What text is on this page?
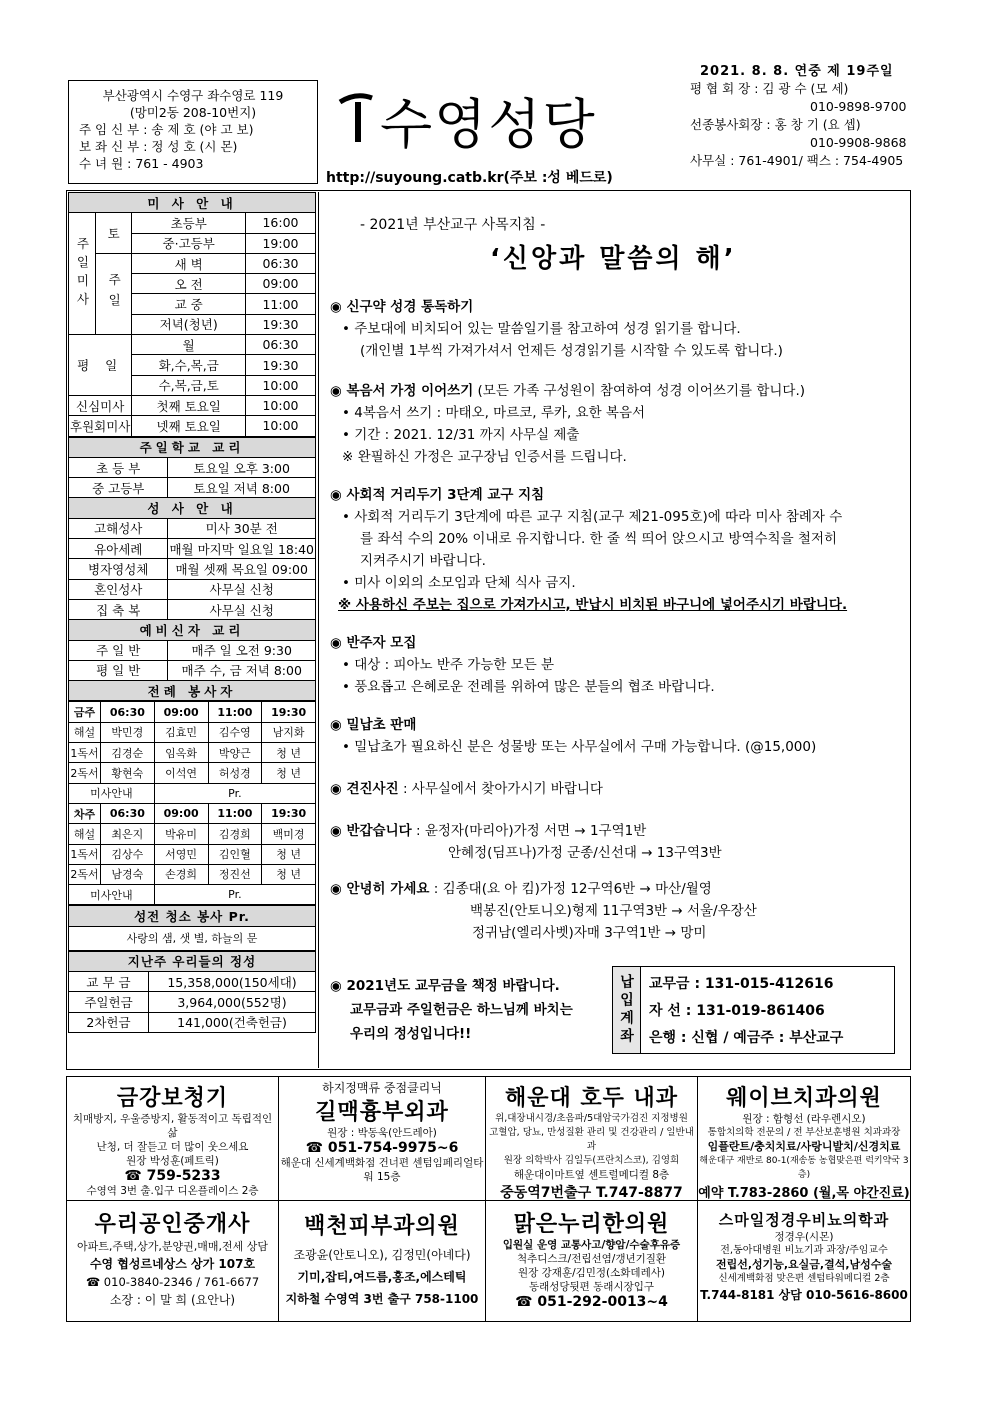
2021. 8. 8. 연중 제 19주일
부산광역시 수영구 좌수영로 119
(망미2동 208-10번지)
주 임 신 부 : 송 제 호 (야 고 보)
보 좌 신 부 : 정 성 호 (시 몬)
수 녀 원 : 761 - 4903
수영성당
http://suyoung.catb.kr(주보 :성 베드로)
평 협 회 장 : 김 광 수 (모 세)
010-9898-9700
선종봉사회장 : 홍 창 기 (요 셉)
010-9908-9868
사무실 : 761-4901/ 팩스 : 754-4905
미 사 안 내			
주일미사	토	초등부	16:00
		중·고등부	19:00
	주일	새 벽	06:30
		오 전	09:00
		교 중	11:00
		저녁(청년)	19:30
평 일		월	06:30
		화,수,목,금	19:30
		수,목,금,토	10:00
신심미사		첫째 토요일	10:00
후원회미사		넷째 토요일	10:00
주일학교 교리	
초 등 부	토요일 오후 3:00
중 고등부	토요일 저녁 8:00
성 사 안 내	
고해성사	미사 30분 전
유아세례	매월 마지막 일요일 18:40
병자영성체	매월 셋째 목요일 09:00
혼인성사	사무실 신청
집 축 복	사무실 신청
예비신자 교리	
주 일 반	매주 일 오전 9:30
평 일 반	매주 수, 금 저녁 8:00
전례 봉사자	
금주	06:30	09:00	11:00	19:30
해설	박민경	김효민	김수영	남지화
1독서	김경순	임옥화	박양근	청 년
2독서	황현숙	이석연	허성경	청 년
미사안내		Pr.		
차주	06:30	09:00	11:00	19:30
해설	최은지	박유미	김경희	백미경
1독서	김상수	서영민	김인혈	청 년
2독서	남경숙	손경희	정진선	청 년
미사안내		Pr.		
성전 청소 봉사 Pr.
사랑의 샘, 샛 별, 하늘의 문
지난주 우리들의 정성	
교 무 금	15,358,000(150세대)
주일헌금	3,964,000(552명)
2차헌금	141,000(건축헌금)
- 2021년 부산교구 사목지침 -
‘신앙과 말씀의 해’
◉ 신구약 성경 통독하기
• 주보대에 비치되어 있는 말씀일기를 참고하여 성경 읽기를 합니다.
(개인별 1부씩 가져가셔서 언제든 성경읽기를 시작할 수 있도록 합니다.)
◉ 복음서 가정 이어쓰기 (모든 가족 구성원이 참여하여 성경 이어쓰기를 합니다.)
• 4복음서 쓰기 : 마태오, 마르코, 루카, 요한 복음서
• 기간 : 2021. 12/31 까지 사무실 제출
※ 완필하신 가정은 교구장님 인증서를 드립니다.
◉ 사회적 거리두기 3단계 교구 지침
• 사회적 거리두기 3단계에 따른 교구 지침(교구 제21-095호)에 따라 미사 참례자 수
를 좌석 수의 20% 이내로 유지합니다. 한 줄 씩 띄어 앉으시고 방역수칙을 철저히
지켜주시기 바랍니다.
• 미사 이외의 소모임과 단체 식사 금지.
※ 사용하신 주보는 집으로 가져가시고, 반납시 비치된 바구니에 넣어주시기 바랍니다.
◉ 반주자 모집
• 대상 : 피아노 반주 가능한 모든 분
• 풍요롭고 은혜로운 전례를 위하여 많은 분들의 협조 바랍니다.
◉ 밀납초 판매
• 밀납초가 필요하신 분은 성물방 또는 사무실에서 구매 가능합니다. (@15,000)
◉ 견진사진 : 사무실에서 찾아가시기 바랍니다
◉ 반갑습니다 : 윤정자(마리아)가정 서면 → 1구역1반
안혜정(딤프나)가정 군종/신선대 → 13구역3반
◉ 안녕히 가세요 : 김종대(요 아 킴)가정 12구역6반 → 마산/월영
백봉진(안토니오)형제 11구역3반 → 서울/우장산
정귀남(엘리사벳)자매 3구역1반 → 망미
◉ 2021년도 교무금을 책정 바랍니다.
교무금과 주일헌금은 하느님께 바치는
우리의 정성입니다!!	납입계좌	교무금 : 131-015-412616
자 선 : 131-019-861406
은행 : 신협 / 예금주 : 부산교구
금강보청기
치매방지, 우울증방지, 활동적이고 독립적인 삶
난청, 더 잘듣고 더 많이 웃으세요
원장 박성훈(페트릭)
☎ 759-5233
수영역 3번 출.입구 디온플레이스 2층
하지정맥류 중점클리닉
길맥흉부외과
원장 : 박동욱(안드레아)
☎ 051-754-9975~6
해운대 신세계백화점 건너편 센텀임페리얼타워 15층
해운대 호두 내과
위,대장내시경/초음파/5대암국가검진 지정병원
고혈압, 당뇨, 만성질환 관리 및 건강관리 / 일반내과
원장 의학박사 김일두(프란치스코), 김영희
해운대이마트옆 센트럴메디컬 8층
중동역7번출구 T.747-8877
웨이브치과의원
원장 : 함형선 (라우렌시오)
통합치의학 전문의 / 전 부산보훈병원 치과과장
임플란트/충치치료/사랑니발치/신경치료
해운대구 재반로 80-1(재송동 농협맞은편 럭키약국 3층)
예약 T.783-2860 (월,목 야간진료)
우리공인중개사
아파트,주택,상가,분양권,매매,전세 상담
수영 협성르네상스 상가 107호
☎ 010-3840-2346 / 761-6677
소장 : 이 말 희 (요안나)
백천피부과의원
조광윤(안토니오), 김정민(아녜다)
기미,잡티,여드름,홍조,에스테틱
지하철 수영역 3번 출구 758-1100
맑은누리한의원
입원실 운영 교통사고/향암/수술후유증
척추디스크/전립선염/갱년기질환
원장 강재훈/김민정(소화데레사)
동래성당뒷편 동래시장입구
☎ 051-292-0013~4
스마일정경우비뇨의학과
정경우(시몬)
전,동아대병원 비뇨기과 과장/주임교수
전립선,성기능,요실금,결석,남성수술
신세계백화점 맞은편 센텀타워메디컬 2층
T.744-8181 상담 010-5616-8600
